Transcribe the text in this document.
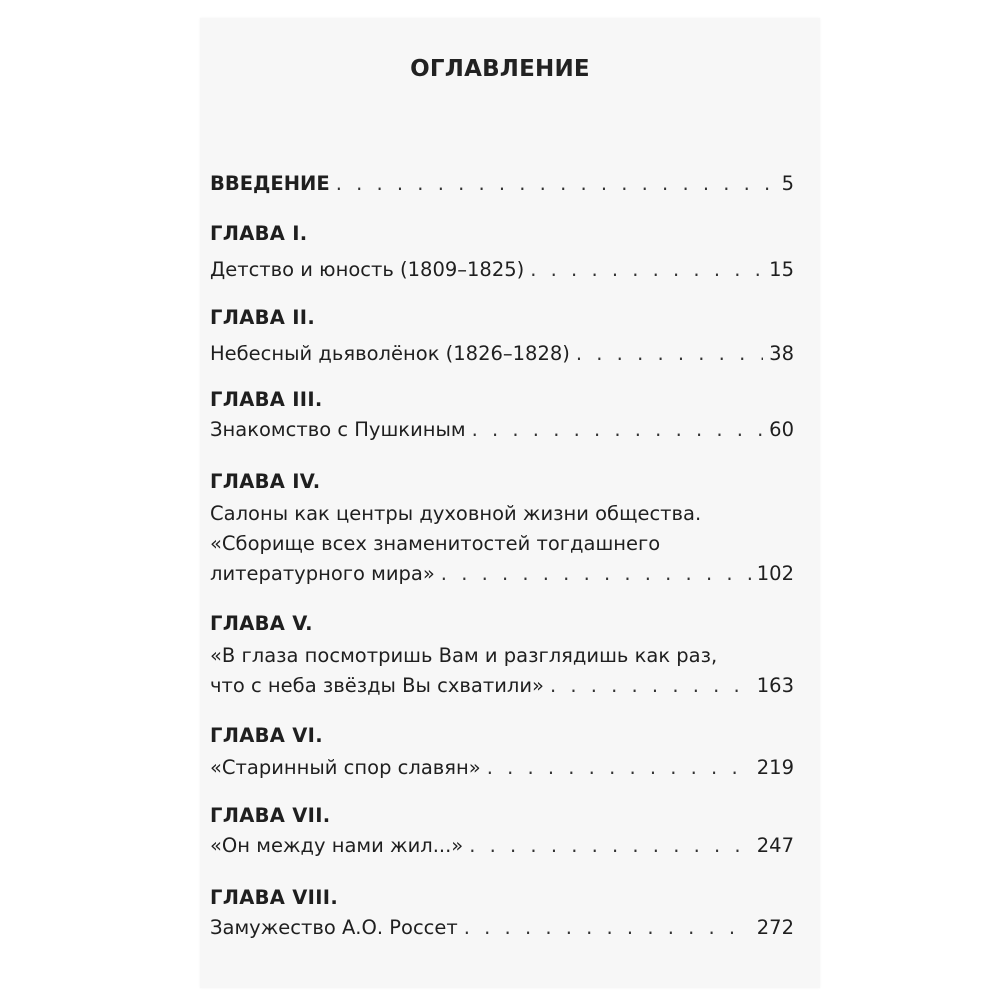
ОГЛАВЛЕНИЕ
ВВЕДЕНИЕ . . .	5
ГЛАВА I.
Детство и юность (1809–1825) . . .	15
ГЛАВА II.
Небесный дьяволёнок (1826–1828) . . .	38
ГЛАВА III.
Знакомство с Пушкиным . . .	60
ГЛАВА IV.
Салоны как центры духовной жизни общества.
«Сборище всех знаменитостей тогдашнего
литературного мира» . . .	102
ГЛАВА V.
«В глаза посмотришь Вам и разглядишь как раз,
что с неба звёзды Вы схватили» . . .	163
ГЛАВА VI.
«Старинный спор славян» . . .	219
ГЛАВА VII.
«Он между нами жил...» . . .	247
ГЛАВА VIII.
Замужество А.О. Россет . . .	272
